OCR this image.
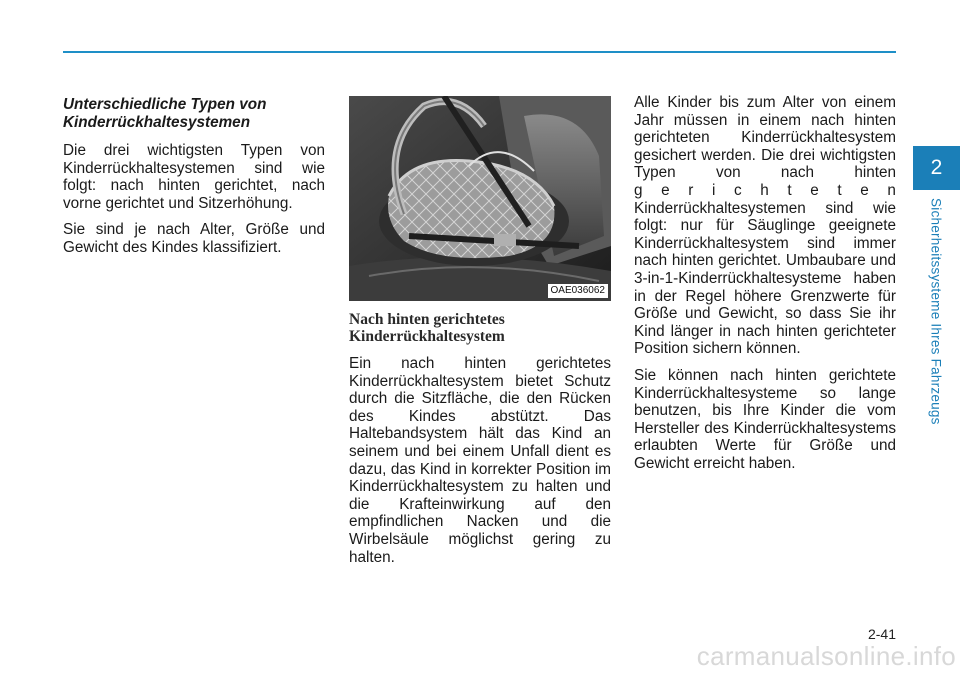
Unterschiedliche Typen von Kinderrückhaltesystemen

Die drei wichtigsten Typen von Kinderrückhaltesystemen sind wie folgt: nach hinten gerichtet, nach vorne gerichtet und Sitzerhöhung.

Sie sind je nach Alter, Größe und Gewicht des Kindes klassifiziert.

OAE036062
Nach hinten gerichtetes Kinderrückhaltesystem

Ein nach hinten gerichtetes Kinderrückhaltesystem bietet Schutz durch die Sitzfläche, die den Rücken des Kindes abstützt. Das Haltebandsystem hält das Kind an seinem und bei einem Unfall dient es dazu, das Kind in korrekter Position im Kinderrückhaltesystem zu halten und die Krafteinwirkung auf den empfindlichen Nacken und die Wirbelsäule möglichst gering zu halten.

Alle Kinder bis zum Alter von einem Jahr müssen in einem nach hinten gerichteten Kinderrückhaltesystem gesichert werden. Die drei wichtigsten Typen von nach hinten
g e r i c h t e t e n
Kinderrückhaltesystemen sind wie folgt: nur für Säuglinge geeignete Kinderrückhaltesystem sind immer nach hinten gerichtet. Umbaubare und 3-in-1-Kinderrückhaltesysteme haben in der Regel höhere Grenzwerte für Größe und Gewicht, so dass Sie ihr Kind länger in nach hinten gerichteter Position sichern können.

Sie können nach hinten gerichtete Kinderrückhaltesysteme so lange benutzen, bis Ihre Kinder die vom Hersteller des Kinderrückhaltesystems erlaubten Werte für Größe und Gewicht erreicht haben.

2
Sicherheitssysteme Ihres Fahrzeugs
2-41
carmanualsonline.info
